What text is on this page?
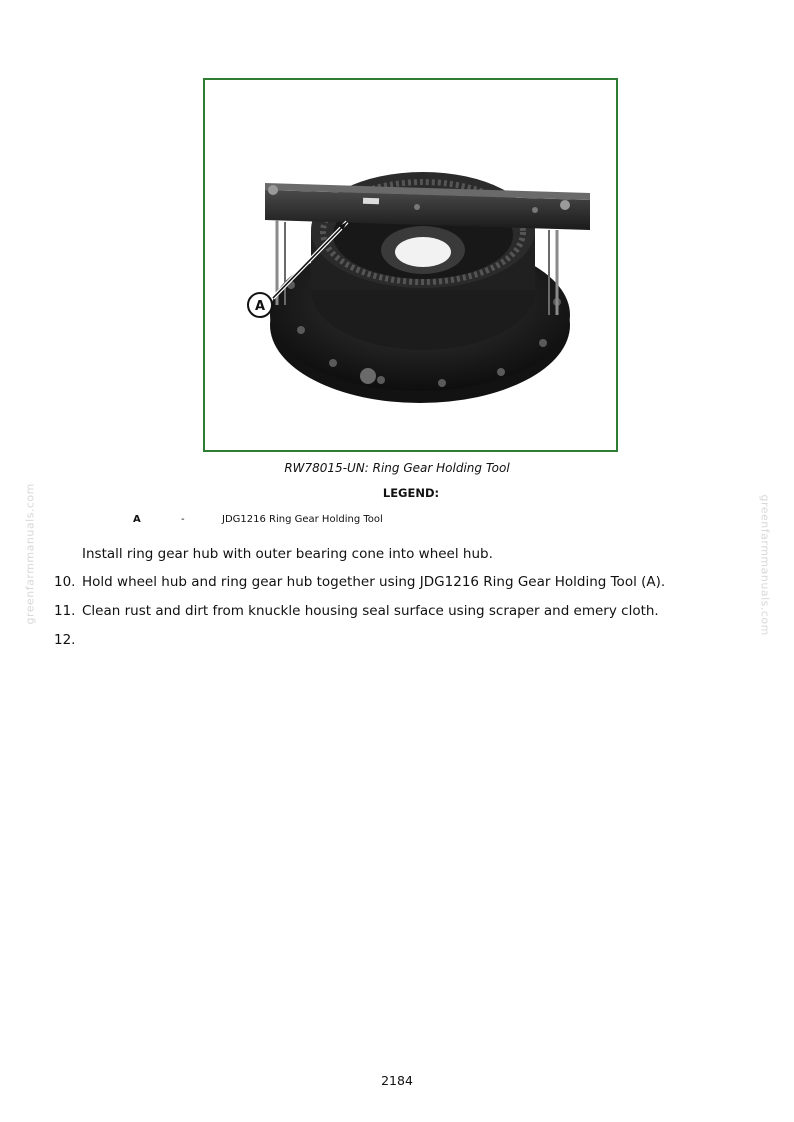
greenfarmmanuals.com	greenfarmmanuals.com
A
RW78015-UN: Ring Gear Holding Tool
LEGEND:
A	-	JDG1216 Ring Gear Holding Tool
Install ring gear hub with outer bearing cone into wheel hub.
10. Hold wheel hub and ring gear hub together using JDG1216 Ring Gear Holding Tool (A).
11. Clean rust and dirt from knuckle housing seal surface using scraper and emery cloth.
12.
2184
